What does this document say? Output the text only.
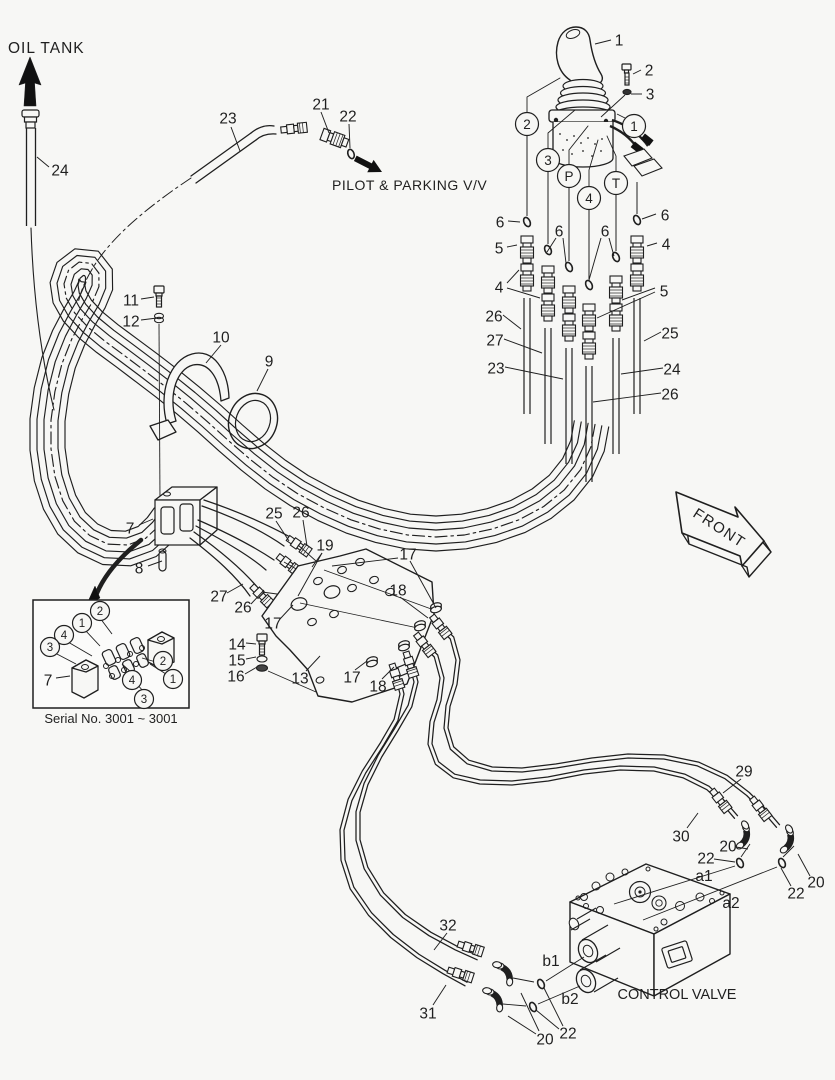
OIL TANK
PILOT & PARKING V/V
FRONT
CONTROL VALVE
Serial No. 3001 ~ 3001
1
2
3
24
23
21
22
11
12
10
9
6
5
4
26
27
23
6 6
6
4
5
25
24
26
7
8
25 26
19
17
18
27
26
17
14
15
16	13 17
18
7
29
30
20
22
20
22
32
31
20 22
a1
a2
b1
b2
2
3
P
4
T
1
2
1
4
3
2
1
4
3
